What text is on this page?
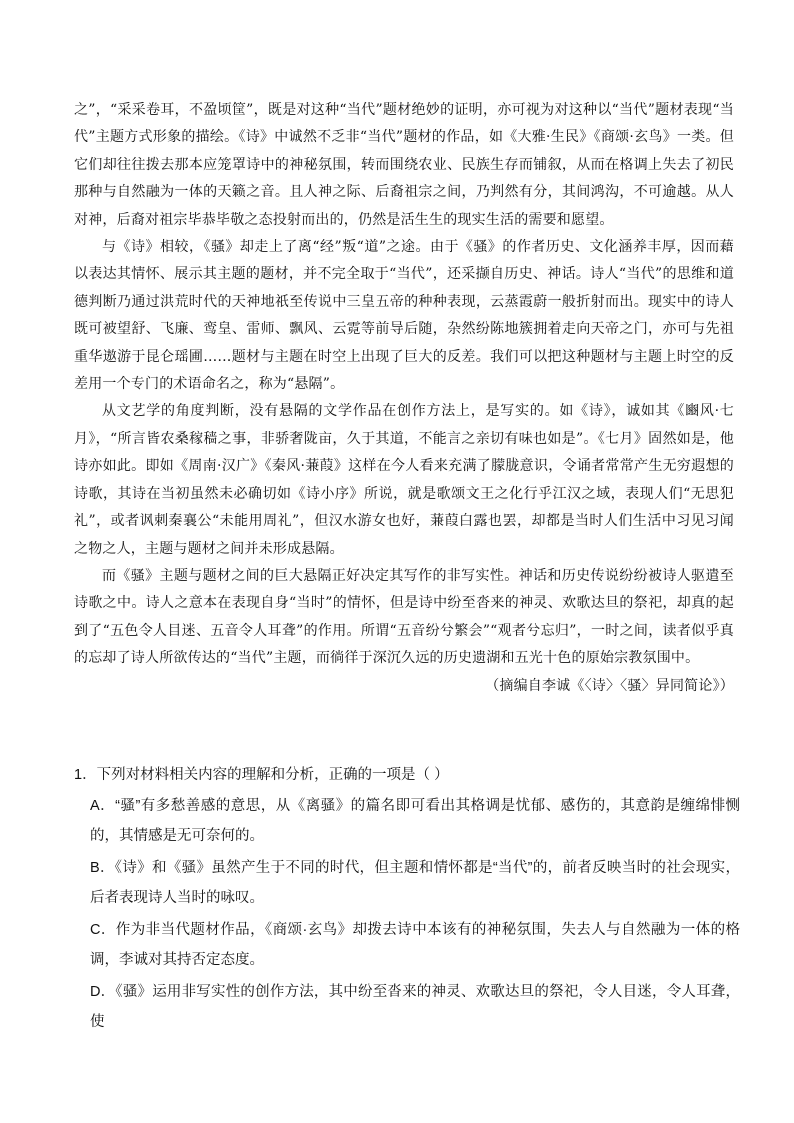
之”，“采采卷耳，不盈顷筐”，既是对这种“当代”题材绝妙的证明，亦可视为对这种以“当代”题材表现“当代”主题方式形象的描绘。《诗》中诚然不乏非“当代”题材的作品，如《大雅·生民》《商颂·玄鸟》一类。但它们却往往拨去那本应笼罩诗中的神秘氛围，转而围绕农业、民族生存而铺叙，从而在格调上失去了初民那种与自然融为一体的天籁之音。且人神之际、后裔祖宗之间，乃判然有分，其间鸿沟，不可逾越。从人对神，后裔对祖宗毕恭毕敬之态投射而出的，仍然是活生生的现实生活的需要和愿望。

与《诗》相较，《骚》却走上了离“经”叛“道”之途。由于《骚》的作者历史、文化涵养丰厚，因而藉以表达其情怀、展示其主题的题材，并不完全取于“当代”，还采撷自历史、神话。诗人“当代”的思维和道德判断乃通过洪荒时代的天神地祇至传说中三皇五帝的种种表现，云蒸霞蔚一般折射而出。现实中的诗人既可被望舒、飞廉、鸾皇、雷师、飘风、云霓等前导后随，杂然纷陈地簇拥着走向天帝之门，亦可与先祖重华遨游于昆仑瑶圃……题材与主题在时空上出现了巨大的反差。我们可以把这种题材与主题上时空的反差用一个专门的术语命名之，称为“悬隔”。

从文艺学的角度判断，没有悬隔的文学作品在创作方法上，是写实的。如《诗》，诚如其《豳风·七月》，“所言皆农桑稼穑之事，非骄奢陇亩，久于其道，不能言之亲切有味也如是”。《七月》固然如是，他诗亦如此。即如《周南·汉广》《秦风·蒹葭》这样在今人看来充满了朦胧意识，令诵者常常产生无穷遐想的诗歌，其诗在当初虽然未必确切如《诗小序》所说，就是歌颂文王之化行乎江汉之域，表现人们“无思犯礼”，或者讽刺秦襄公“未能用周礼”，但汉水游女也好，蒹葭白露也罢，却都是当时人们生活中习见习闻之物之人，主题与题材之间并未形成悬隔。

而《骚》主题与题材之间的巨大悬隔正好决定其写作的非写实性。神话和历史传说纷纷被诗人驱遣至诗歌之中。诗人之意本在表现自身“当时”的情怀，但是诗中纷至沓来的神灵、欢歌达旦的祭祀，却真的起到了“五色令人目迷、五音令人耳聋”的作用。所谓“五音纷兮繁会”“观者兮忘归”，一时之间，读者似乎真的忘却了诗人所欲传达的“当代”主题，而徜徉于深沉久远的历史遗湖和五光十色的原始宗教氛围中。

（摘编自李诚《〈诗〉〈骚〉异同简论》）

1．下列对材料相关内容的理解和分析，正确的一项是（ ）

A．“骚”有多愁善感的意思，从《离骚》的篇名即可看出其格调是忧郁、感伤的，其意韵是缠绵悱恻的，其情感是无可奈何的。

B．《诗》和《骚》虽然产生于不同的时代，但主题和情怀都是“当代”的，前者反映当时的社会现实，后者表现诗人当时的咏叹。

C．作为非当代题材作品，《商颂·玄鸟》却拨去诗中本该有的神秘氛围，失去人与自然融为一体的格调，李诚对其持否定态度。

D．《骚》运用非写实性的创作方法，其中纷至沓来的神灵、欢歌达旦的祭祀，令人目迷，令人耳聋，使
